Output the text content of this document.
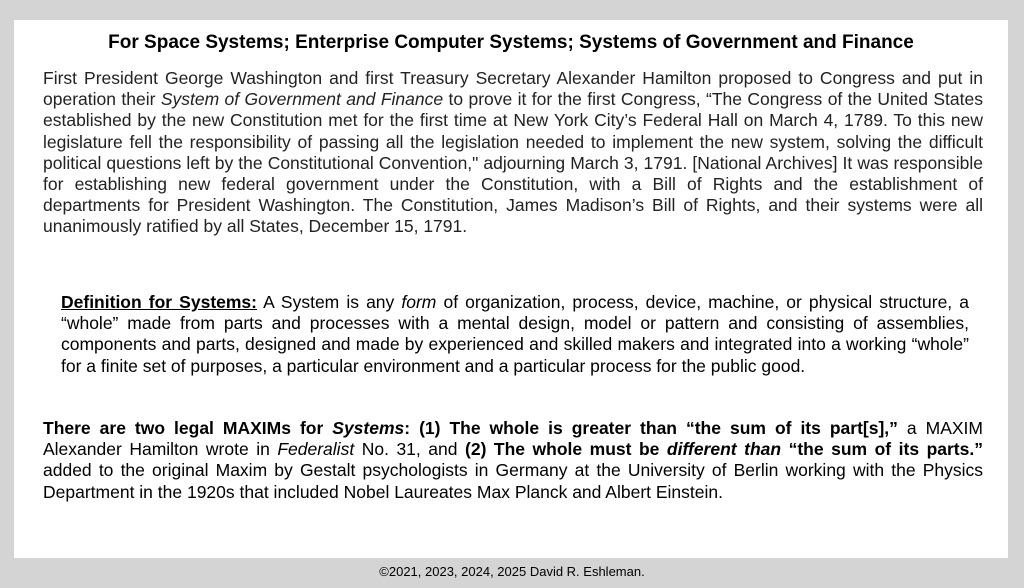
For Space Systems; Enterprise Computer Systems; Systems of Government and Finance

First President George Washington and first Treasury Secretary Alexander Hamilton proposed to Congress and put in operation their System of Government and Finance to prove it for the first Congress, “The Congress of the United States established by the new Constitution met for the first time at New York City’s Federal Hall on March 4, 1789. To this new legislature fell the responsibility of passing all the legislation needed to implement the new system, solving the difficult political questions left by the Constitutional Convention," adjourning March 3, 1791. [National Archives] It was responsible for establishing new federal government under the Constitution, with a Bill of Rights and the establishment of departments for President Washington. The Constitution, James Madison’s Bill of Rights, and their systems were all unanimously ratified by all States, December 15, 1791.

Definition for Systems: A System is any form of organization, process, device, machine, or physical structure, a “whole” made from parts and processes with a mental design, model or pattern and consisting of assemblies, components and parts, designed and made by experienced and skilled makers and integrated into a working “whole” for a finite set of purposes, a particular environment and a particular process for the public good.

There are two legal MAXIMs for Systems: (1) The whole is greater than “the sum of its part[s],” a MAXIM Alexander Hamilton wrote in Federalist No. 31, and (2) The whole must be different than “the sum of its parts.” added to the original Maxim by Gestalt psychologists in Germany at the University of Berlin working with the Physics Department in the 1920s that included Nobel Laureates Max Planck and Albert Einstein.

©2021, 2023, 2024, 2025 David R. Eshleman.
